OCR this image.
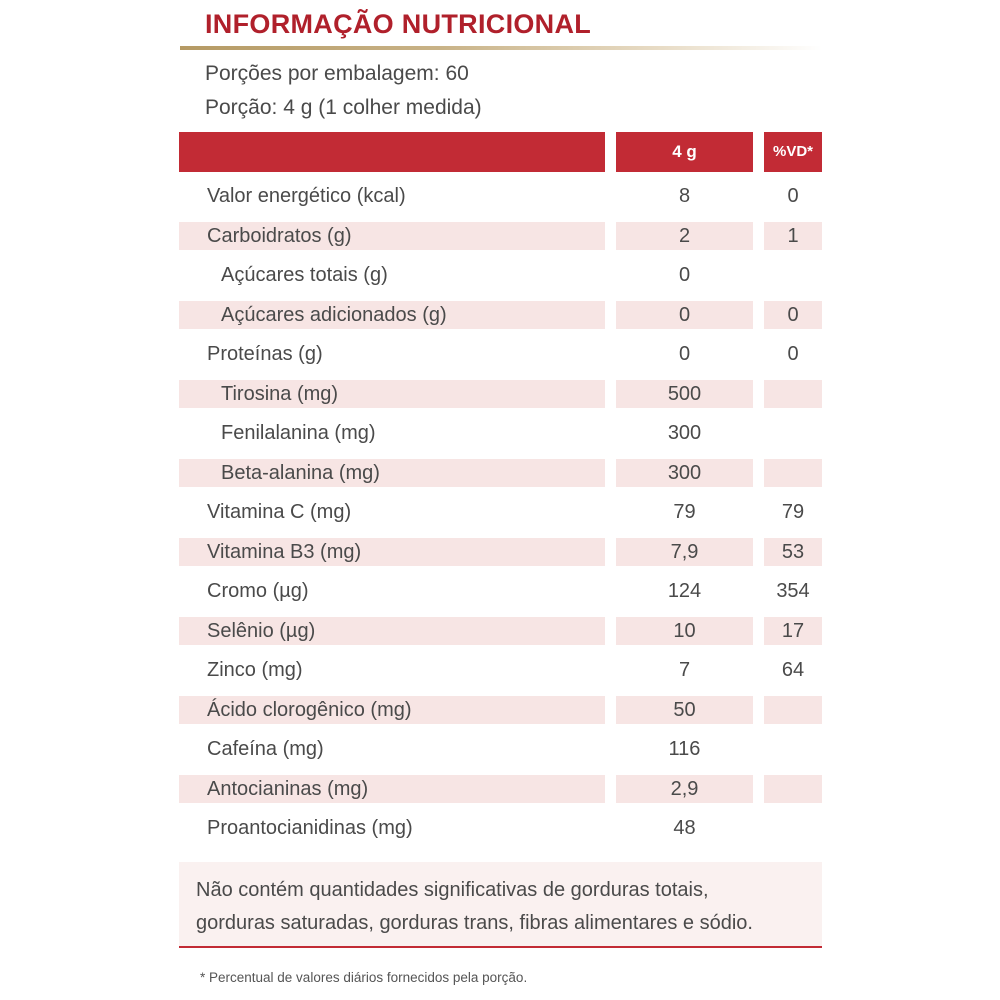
INFORMAÇÃO NUTRICIONAL
Porções por embalagem: 60
Porção: 4 g (1 colher medida)
4 g	%VD*
Valor energético (kcal)	8	0
Carboidratos (g)	2	1
Açúcares totais (g)	0
Açúcares adicionados (g)	0	0
Proteínas (g)	0	0
Tirosina (mg)	500
Fenilalanina (mg)	300
Beta-alanina (mg)	300
Vitamina C (mg)	79	79
Vitamina B3 (mg)	7,9	53
Cromo (µg)	124	354
Selênio (µg)	10	17
Zinco (mg)	7	64
Ácido clorogênico (mg)	50
Cafeína (mg)	116
Antocianinas (mg)	2,9
Proantocianidinas (mg)	48
Não contém quantidades significativas de gorduras totais,
gorduras saturadas, gorduras trans, fibras alimentares e sódio.
* Percentual de valores diários fornecidos pela porção.
